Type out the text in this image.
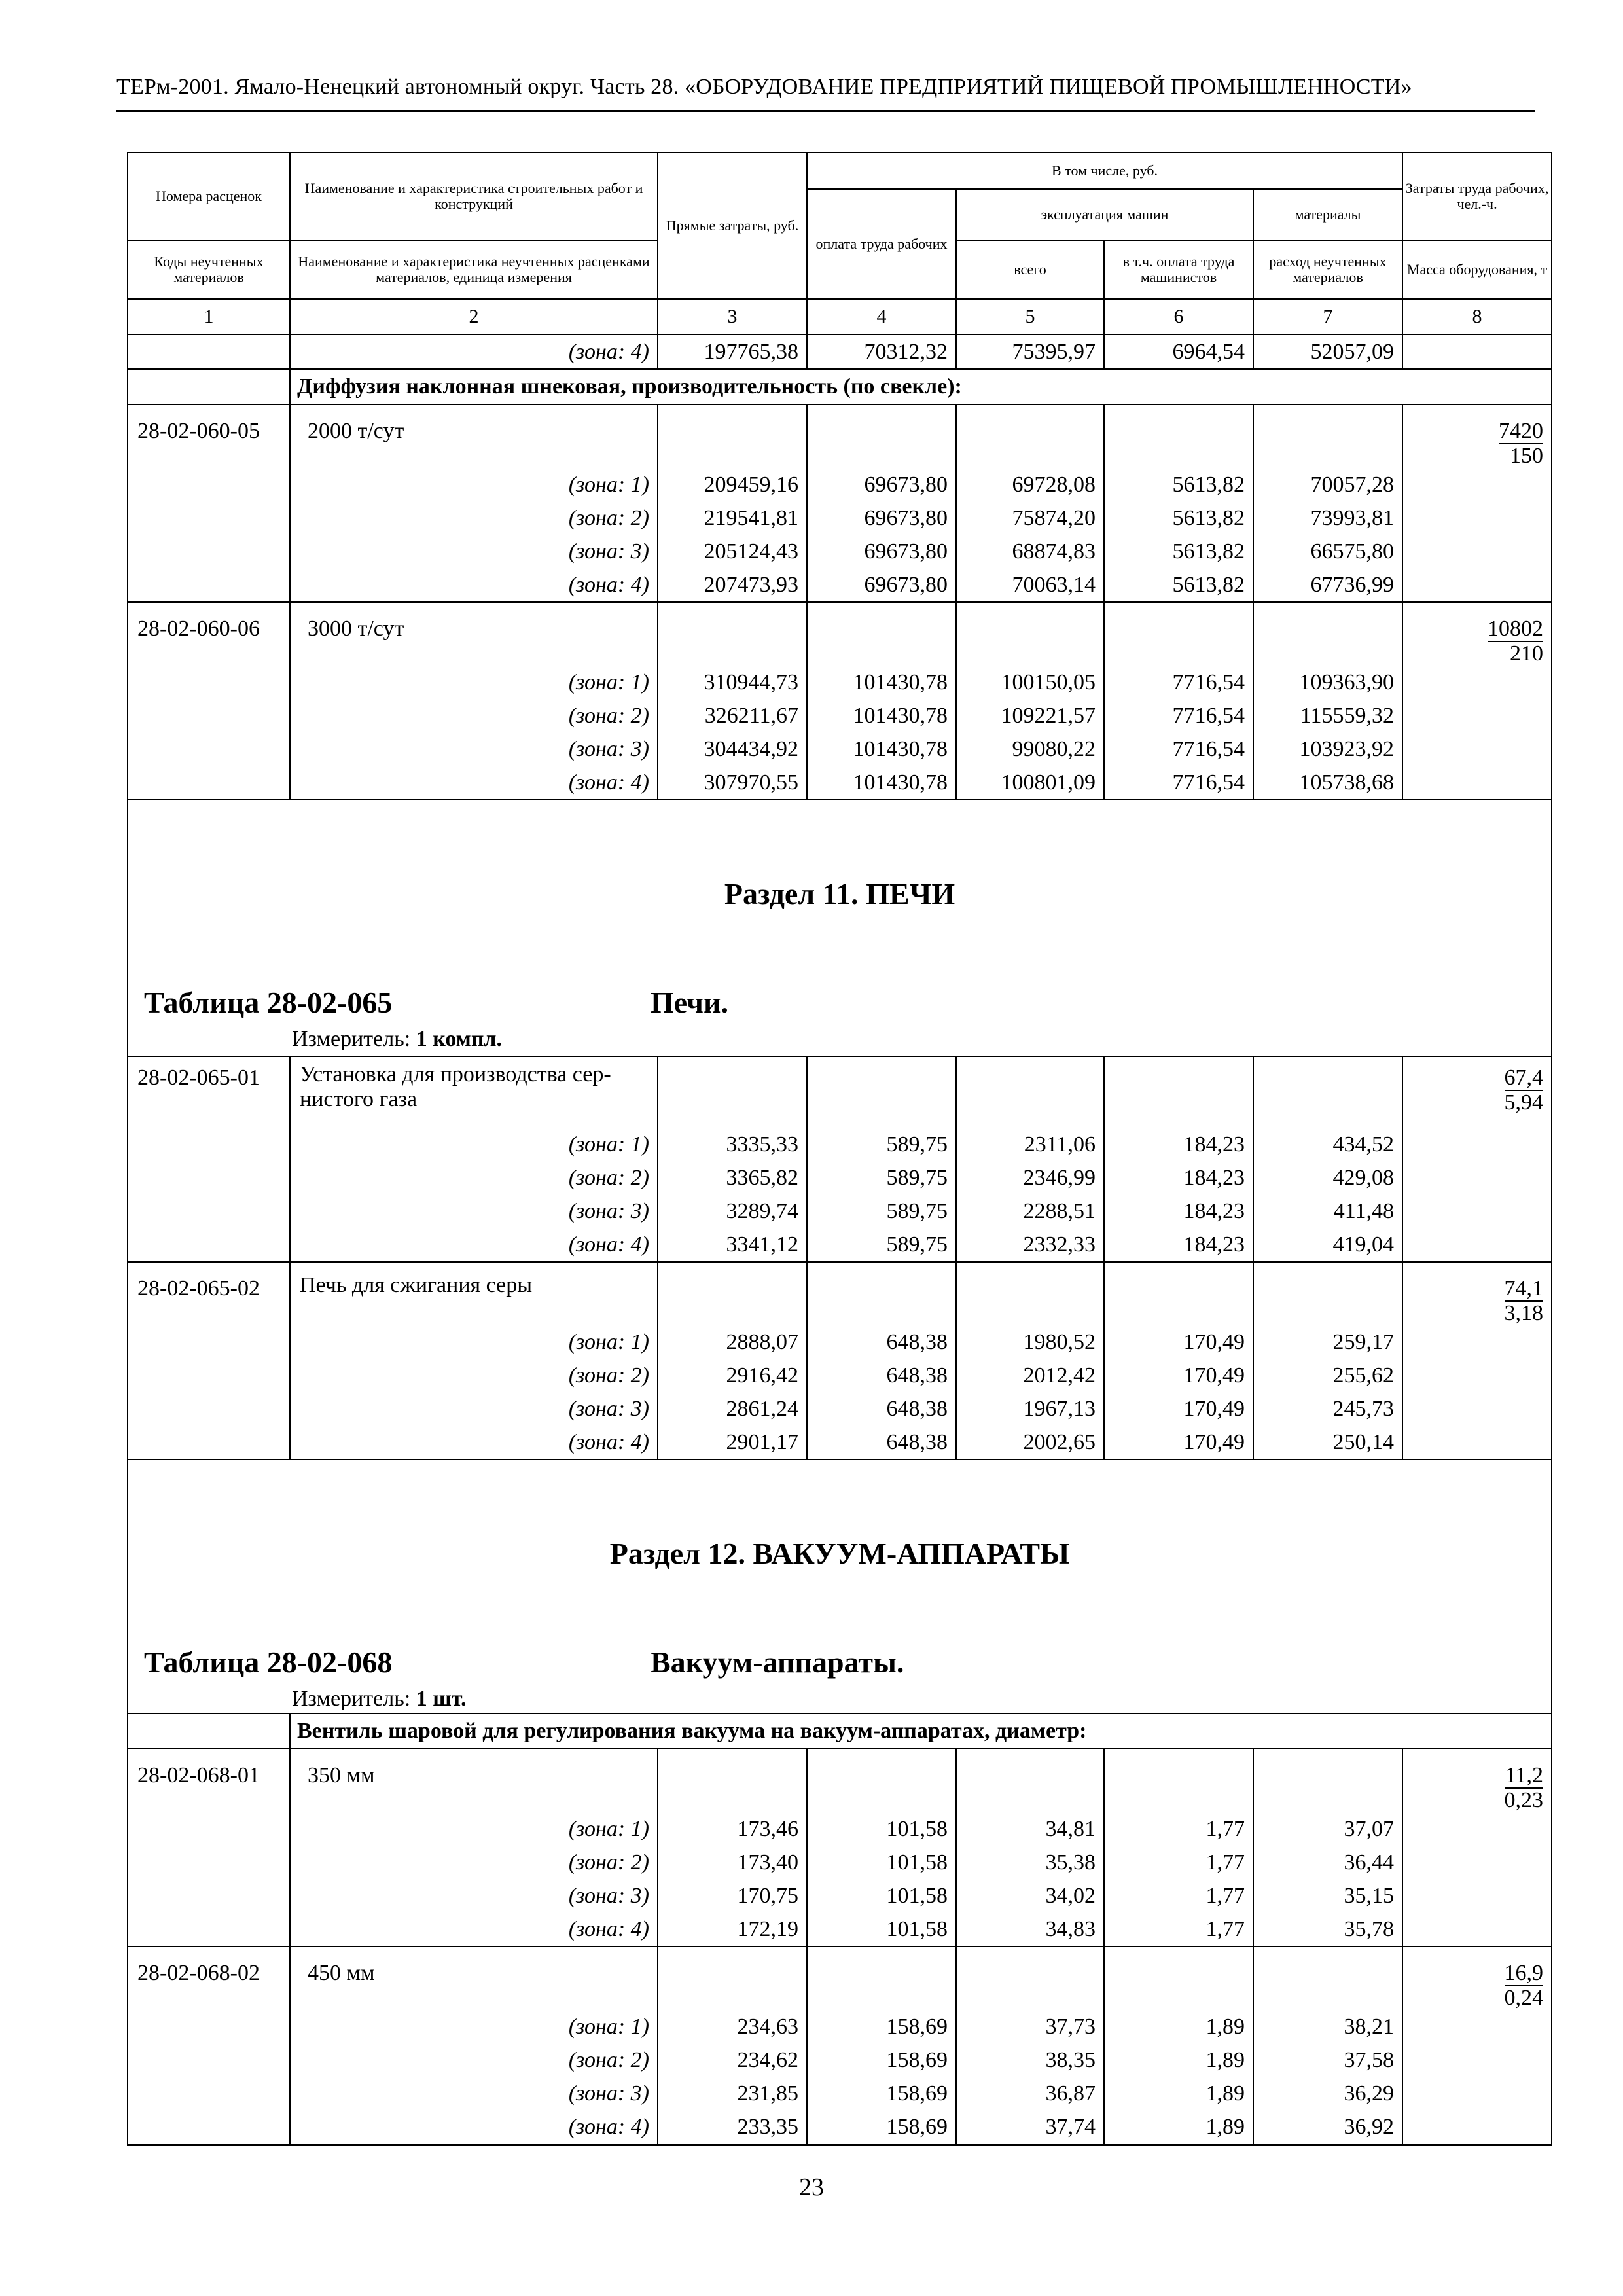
ТЕРм-2001. Ямало-Ненецкий автономный округ. Часть 28. «ОБОРУДОВАНИЕ ПРЕДПРИЯТИЙ ПИЩЕВОЙ ПРОМЫШЛЕННОСТИ»
Номера расценок	Наименование и характеристика строительных работ и конструкций	Прямые затраты, руб.	В том числе, руб.				Затраты труда рабочих, чел.-ч.
			оплата труда рабочих	эксплуатация машин		материалы	
Коды неучтенных материалов	Наименование и характеристика неучтенных расценками материалов, единица измерения			всего	в т.ч. оплата труда машинистов	расход неучтенных материалов	Масса оборудования, т
1	2	3	4	5	6	7	8
	(зона: 4)	197765,38	70312,32	75395,97	6964,54	52057,09	
	Диффузия наклонная шнековая, производительность (по свекле):						
28-02-060-05	2000 т/сут						$\frac{7420}{150}$

	(зона: 1)	209459,16	69673,80	69728,08	5613,82	70057,28	
	(зона: 2)	219541,81	69673,80	75874,20	5613,82	73993,81	
	(зона: 3)	205124,43	69673,80	68874,83	5613,82	66575,80	
	(зона: 4)	207473,93	69673,80	70063,14	5613,82	67736,99	
28-02-060-06	3000 т/сут						$\frac{10802}{210}$

	(зона: 1)	310944,73	101430,78	100150,05	7716,54	109363,90	
	(зона: 2)	326211,67	101430,78	109221,57	7716,54	115559,32	
	(зона: 3)	304434,92	101430,78	99080,22	7716,54	103923,92	
	(зона: 4)	307970,55	101430,78	100801,09	7716,54	105738,68	

Раздел 11. ПЕЧИ
Таблица 28-02-065 Печи.
Измеритель: 1 компл.							

28-02-065-01	Установка для производства сер-нистого газа						$\frac{67,4}{5,94}$

	(зона: 1)	3335,33	589,75	2311,06	184,23	434,52	
	(зона: 2)	3365,82	589,75	2346,99	184,23	429,08	
	(зона: 3)	3289,74	589,75	2288,51	184,23	411,48	
	(зона: 4)	3341,12	589,75	2332,33	184,23	419,04	
28-02-065-02	Печь для сжигания серы						$\frac{74,1}{3,18}$

	(зона: 1)	2888,07	648,38	1980,52	170,49	259,17	
	(зона: 2)	2916,42	648,38	2012,42	170,49	255,62	
	(зона: 3)	2861,24	648,38	1967,13	170,49	245,73	
	(зона: 4)	2901,17	648,38	2002,65	170,49	250,14	

Раздел 12. ВАКУУМ-АППАРАТЫ
Таблица 28-02-068 Вакуум-аппараты.
Измеритель: 1 шт.							

	Вентиль шаровой для регулирования вакуума на вакуум-аппаратах, диаметр:						
28-02-068-01	350 мм						$\frac{11,2}{0,23}$

	(зона: 1)	173,46	101,58	34,81	1,77	37,07	
	(зона: 2)	173,40	101,58	35,38	1,77	36,44	
	(зона: 3)	170,75	101,58	34,02	1,77	35,15	
	(зона: 4)	172,19	101,58	34,83	1,77	35,78	
28-02-068-02	450 мм						$\frac{16,9}{0,24}$

	(зона: 1)	234,63	158,69	37,73	1,89	38,21	
	(зона: 2)	234,62	158,69	38,35	1,89	37,58	
	(зона: 3)	231,85	158,69	36,87	1,89	36,29	
	(зона: 4)	233,35	158,69	37,74	1,89	36,92	
23
